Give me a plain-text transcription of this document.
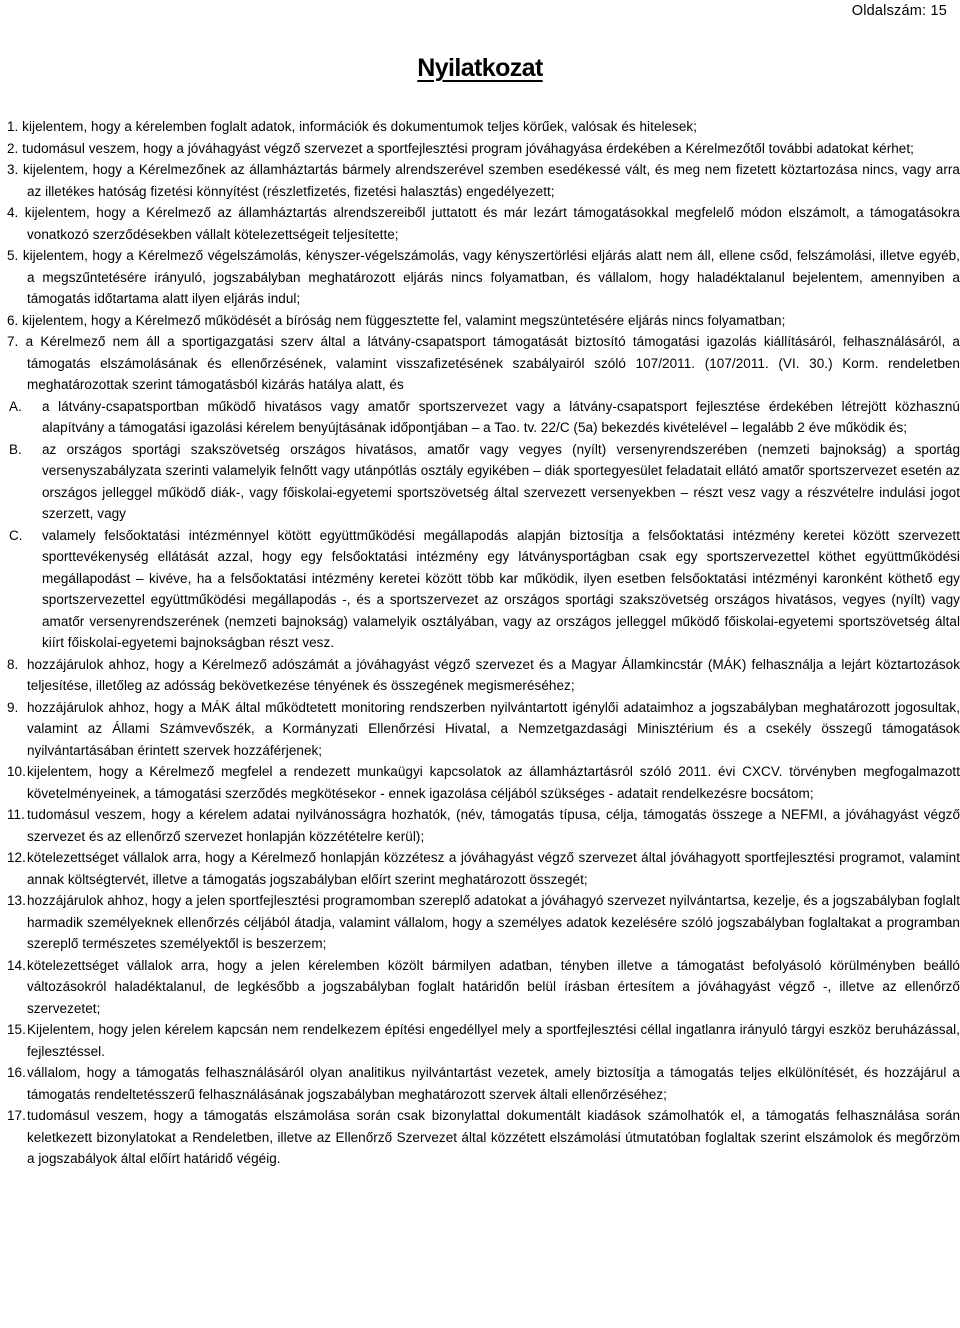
Oldalszám: 15
Nyilatkozat
1. kijelentem, hogy a kérelemben foglalt adatok, információk és dokumentumok teljes körűek, valósak és hitelesek;
2. tudomásul veszem, hogy a jóváhagyást végző szervezet a sportfejlesztési program jóváhagyása érdekében a Kérelmezőtől további adatokat kérhet;
3. kijelentem, hogy a Kérelmezőnek az államháztartás bármely alrendszerével szemben esedékessé vált, és meg nem fizetett köztartozása nincs, vagy arra az illetékes hatóság fizetési könnyítést (részletfizetés, fizetési halasztás) engedélyezett;
4. kijelentem, hogy a Kérelmező az államháztartás alrendszereiből juttatott és már lezárt támogatásokkal megfelelő módon elszámolt, a támogatásokra vonatkozó szerződésekben vállalt kötelezettségeit teljesítette;
5. kijelentem, hogy a Kérelmező végelszámolás, kényszer-végelszámolás, vagy kényszertörlési eljárás alatt nem áll, ellene csőd, felszámolási, illetve egyéb, a megszűntetésére irányuló, jogszabályban meghatározott eljárás nincs folyamatban, és vállalom, hogy haladéktalanul bejelentem, amennyiben a támogatás időtartama alatt ilyen eljárás indul;
6. kijelentem, hogy a Kérelmező működését a bíróság nem függesztette fel, valamint megszüntetésére eljárás nincs folyamatban;
7. a Kérelmező nem áll a sportigazgatási szerv által a látvány-csapatsport támogatását biztosító támogatási igazolás kiállításáról, felhasználásáról, a támogatás elszámolásának és ellenőrzésének, valamint visszafizetésének szabályairól szóló 107/2011. (107/2011. (VI. 30.) Korm. rendeletben meghatározottak szerint támogatásból kizárás hatálya alatt, és
A.	a látvány-csapatsportban működő hivatásos vagy amatőr sportszervezet vagy a látvány-csapatsport fejlesztése érdekében létrejött közhasznú alapítvány a támogatási igazolási kérelem benyújtásának időpontjában – a Tao. tv. 22/C (5a) bekezdés kivételével – legalább 2 éve működik és;
B.	az országos sportági szakszövetség országos hivatásos, amatőr vagy vegyes (nyílt) versenyrendszerében (nemzeti bajnokság) a sportág versenyszabályzata szerinti valamelyik felnőtt vagy utánpótlás osztály egyikében – diák sportegyesület feladatait ellátó amatőr sportszervezet esetén az országos jelleggel működő diák-, vagy főiskolai-egyetemi sportszövetség által szervezett versenyekben – részt vesz vagy a részvételre indulási jogot szerzett, vagy
C.	valamely felsőoktatási intézménnyel kötött együttműködési megállapodás alapján biztosítja a felsőoktatási intézmény keretei között szervezett sporttevékenység ellátását azzal, hogy egy felsőoktatási intézmény egy látványsportágban csak egy sportszervezettel köthet együttműködési megállapodást – kivéve, ha a felsőoktatási intézmény keretei között több kar működik, ilyen esetben felsőoktatási intézményi karonként köthető egy sportszervezettel együttműködési megállapodás -, és a sportszervezet az országos sportági szakszövetség országos hivatásos, vegyes (nyílt) vagy amatőr versenyrendszerének (nemzeti bajnokság) valamelyik osztályában, vagy az országos jelleggel működő főiskolai-egyetemi sportszövetség által kiírt főiskolai-egyetemi bajnokságban részt vesz.
8. hozzájárulok ahhoz, hogy a Kérelmező adószámát a jóváhagyást végző szervezet és a Magyar Államkincstár (MÁK) felhasználja a lejárt köztartozások teljesítése, illetőleg az adósság bekövetkezése tényének és összegének megismeréséhez;
9. hozzájárulok ahhoz, hogy a MÁK által működtetett monitoring rendszerben nyilvántartott igénylői adataimhoz a jogszabályban meghatározott jogosultak, valamint az Állami Számvevőszék, a Kormányzati Ellenőrzési Hivatal, a Nemzetgazdasági Minisztérium és a csekély összegű támogatások nyilvántartásában érintett szervek hozzáférjenek;
10. kijelentem, hogy a Kérelmező megfelel a rendezett munkaügyi kapcsolatok az államháztartásról szóló 2011. évi CXCV. törvényben megfogalmazott követelményeinek, a támogatási szerződés megkötésekor - ennek igazolása céljából szükséges - adatait rendelkezésre bocsátom;
11. tudomásul veszem, hogy a kérelem adatai nyilvánosságra hozhatók, (név, támogatás típusa, célja, támogatás összege a NEFMI, a jóváhagyást végző szervezet és az ellenőrző szervezet honlapján közzétételre kerül);
12. kötelezettséget vállalok arra, hogy a Kérelmező honlapján közzétesz a jóváhagyást végző szervezet által jóváhagyott sportfejlesztési programot, valamint annak költségtervét, illetve a támogatás jogszabályban előírt szerint meghatározott összegét;
13. hozzájárulok ahhoz, hogy a jelen sportfejlesztési programomban szereplő adatokat a jóváhagyó szervezet nyilvántartsa, kezelje, és a jogszabályban foglalt harmadik személyeknek ellenőrzés céljából átadja, valamint vállalom, hogy a személyes adatok kezelésére szóló jogszabályban foglaltakat a programban szereplő természetes személyektől is beszerzem;
14. kötelezettséget vállalok arra, hogy a jelen kérelemben közölt bármilyen adatban, tényben illetve a támogatást befolyásoló körülményben beálló változásokról haladéktalanul, de legkésőbb a jogszabályban foglalt határidőn belül írásban értesítem a jóváhagyást végző -, illetve az ellenőrző szervezetet;
15. Kijelentem, hogy jelen kérelem kapcsán nem rendelkezem építési engedéllyel mely a sportfejlesztési céllal ingatlanra irányuló tárgyi eszköz beruházással, fejlesztéssel.
16. vállalom, hogy a támogatás felhasználásáról olyan analitikus nyilvántartást vezetek, amely biztosítja a támogatás teljes elkülönítését, és hozzájárul a támogatás rendeltetésszerű felhasználásának jogszabályban meghatározott szervek általi ellenőrzéséhez;
17. tudomásul veszem, hogy a támogatás elszámolása során csak bizonylattal dokumentált kiadások számolhatók el, a támogatás felhasználása során keletkezett bizonylatokat a Rendeletben, illetve az Ellenőrző Szervezet által közzétett elszámolási útmutatóban foglaltak szerint elszámolok és megőrzöm a jogszabályok által előírt határidő végéig.
